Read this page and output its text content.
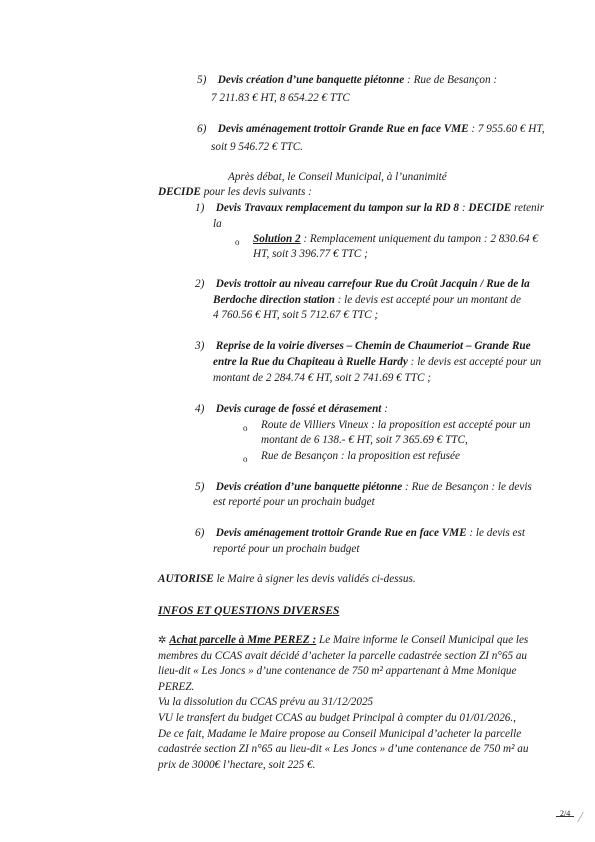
5) Devis création d’une banquette piétonne : Rue de Besançon :
7 211.83 € HT, 8 654.22 € TTC
6) Devis aménagement trottoir Grande Rue en face VME : 7 955.60 € HT,
soit 9 546.72 € TTC.
Après débat, le Conseil Municipal, à l’unanimité
DECIDE pour les devis suivants :
1) Devis Travaux remplacement du tampon sur la RD 8 : DECIDE retenir
la
o Solution 2 : Remplacement uniquement du tampon : 2 830.64 €
HT, soit 3 396.77 € TTC ;
2) Devis trottoir au niveau carrefour Rue du Croût Jacquin / Rue de la
Berdoche direction station : le devis est accepté pour un montant de
4 760.56 € HT, soit 5 712.67 € TTC ;
3) Reprise de la voirie diverses – Chemin de Chaumeriot – Grande Rue
entre la Rue du Chapiteau à Ruelle Hardy : le devis est accepté pour un
montant de 2 284.74 € HT, soit 2 741.69 € TTC ;
4) Devis curage de fossé et dérasement :
o Route de Villiers Vineux : la proposition est accepté pour un
montant de 6 138.- € HT, soit 7 365.69 € TTC,
o Rue de Besançon : la proposition est refusée
5) Devis création d’une banquette piétonne : Rue de Besançon : le devis
est reporté pour un prochain budget
6) Devis aménagement trottoir Grande Rue en face VME : le devis est
reporté pour un prochain budget
AUTORISE le Maire à signer les devis validés ci-dessus.
INFOS ET QUESTIONS DIVERSES
✲ Achat parcelle à Mme PEREZ : Le Maire informe le Conseil Municipal que les
membres du CCAS avait décidé d’acheter la parcelle cadastrée section ZI n°65 au
lieu-dit « Les Joncs » d’une contenance de 750 m² appartenant à Mme Monique
PEREZ.
Vu la dissolution du CCAS prévu au 31/12/2025
VU le transfert du budget CCAS au budget Principal à compter du 01/01/2026.,
De ce fait, Madame le Maire propose au Conseil Municipal d’acheter la parcelle
cadastrée section ZI n°65 au lieu-dit « Les Joncs » d’une contenance de 750 m² au
prix de 3000€ l’hectare, soit 225 €.
2/4
